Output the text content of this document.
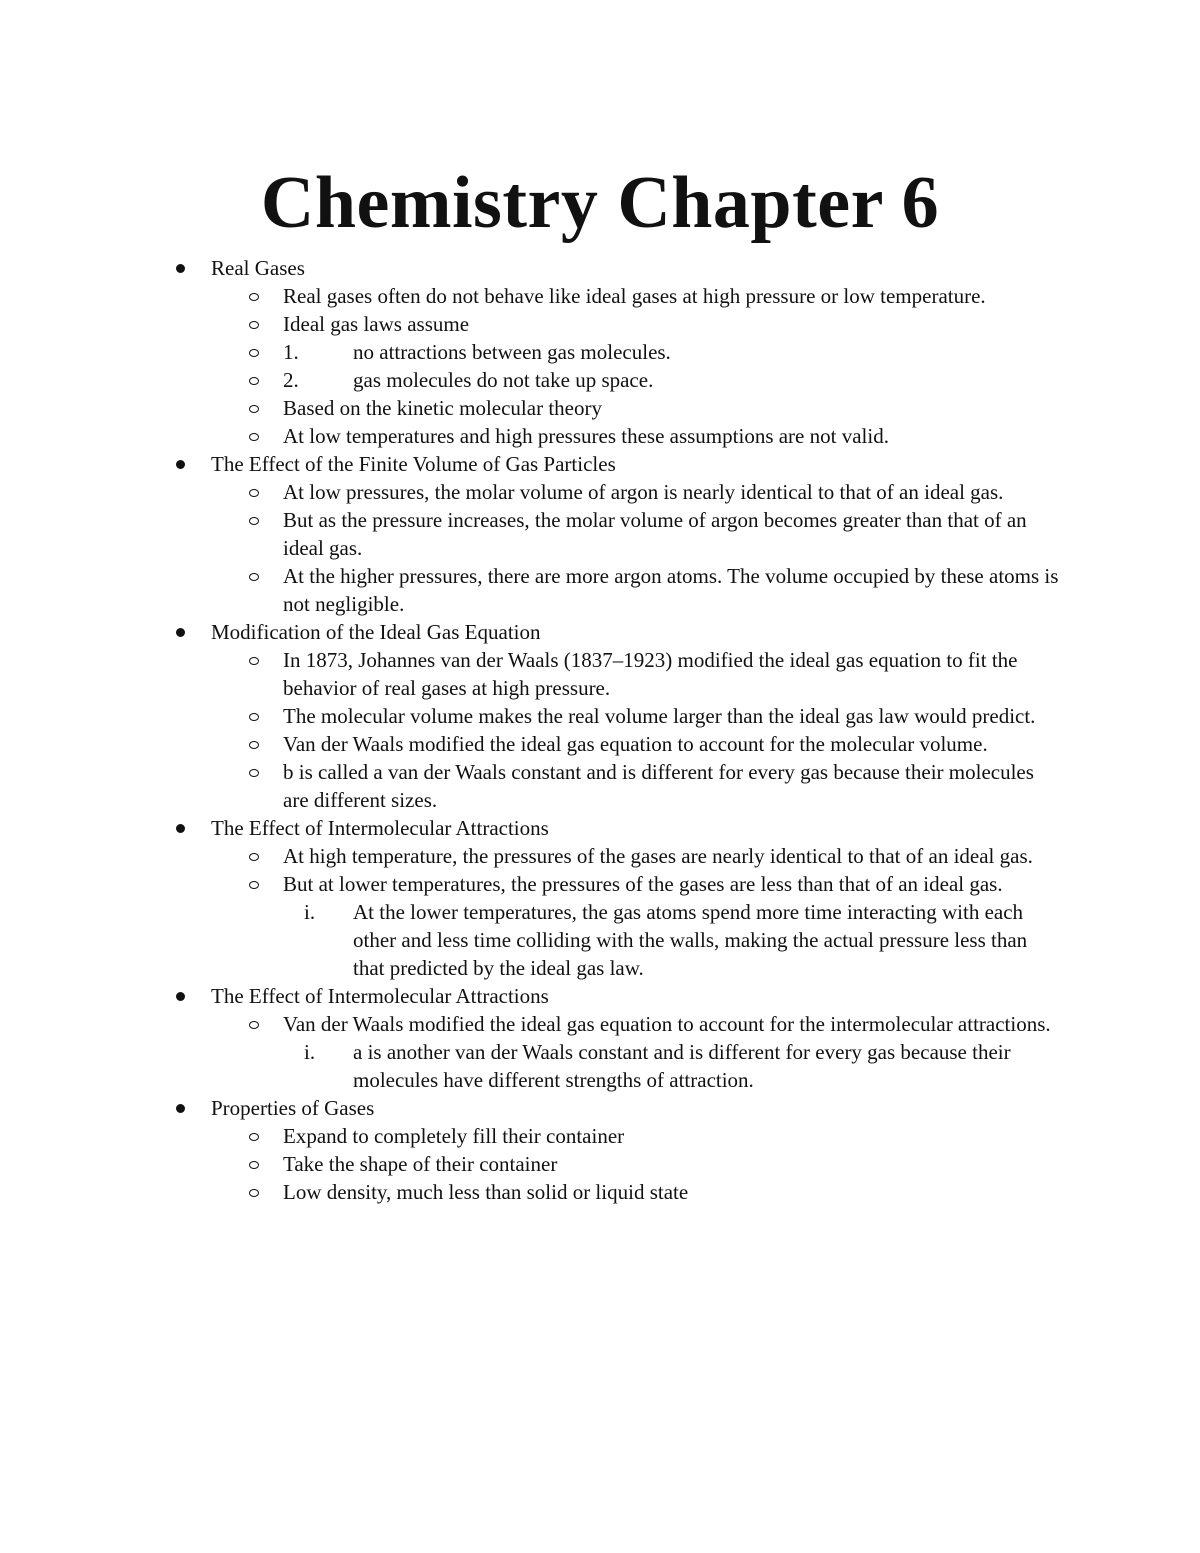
Chemistry Chapter 6
Real Gases
Real gases often do not behave like ideal gases at high pressure or low temperature.
Ideal gas laws assume
1.	no attractions between gas molecules.
2.	gas molecules do not take up space.
Based on the kinetic molecular theory
At low temperatures and high pressures these assumptions are not valid.
The Effect of the Finite Volume of Gas Particles
At low pressures, the molar volume of argon is nearly identical to that of an ideal gas.
But as the pressure increases, the molar volume of argon becomes greater than that of an ideal gas.
At the higher pressures, there are more argon atoms. The volume occupied by these atoms is not negligible.
Modification of the Ideal Gas Equation
In 1873, Johannes van der Waals (1837–1923) modified the ideal gas equation to fit the behavior of real gases at high pressure.
The molecular volume makes the real volume larger than the ideal gas law would predict.
Van der Waals modified the ideal gas equation to account for the molecular volume.
b is called a van der Waals constant and is different for every gas because their molecules are different sizes.
The Effect of Intermolecular Attractions
At high temperature, the pressures of the gases are nearly identical to that of an ideal gas.
But at lower temperatures, the pressures of the gases are less than that of an ideal gas.
i. At the lower temperatures, the gas atoms spend more time interacting with each other and less time colliding with the walls, making the actual pressure less than that predicted by the ideal gas law.
The Effect of Intermolecular Attractions
Van der Waals modified the ideal gas equation to account for the intermolecular attractions.
i. a is another van der Waals constant and is different for every gas because their molecules have different strengths of attraction.
Properties of Gases
Expand to completely fill their container
Take the shape of their container
Low density, much less than solid or liquid state
